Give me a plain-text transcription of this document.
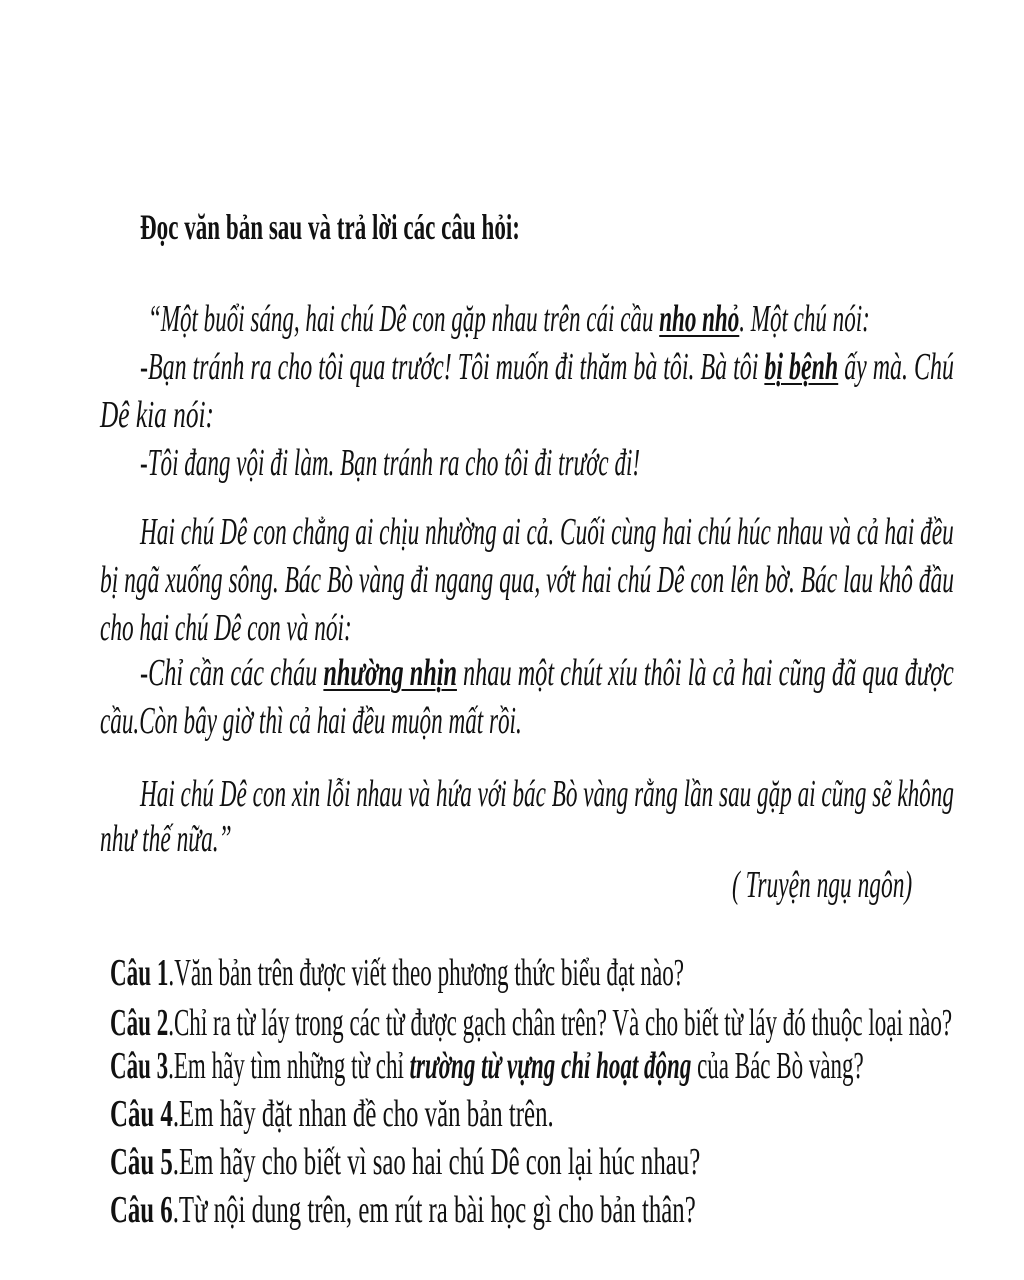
Đọc văn bản sau và trả lời các câu hỏi:
“Một buổi sáng, hai chú Dê con gặp nhau trên cái cầu nho nhỏ. Một chú nói:
-Bạn tránh ra cho tôi qua trước! Tôi muốn đi thăm bà tôi. Bà tôi bị bệnh ấy mà. Chú
Dê kia nói:
-Tôi đang vội đi làm. Bạn tránh ra cho tôi đi trước đi!
Hai chú Dê con chẳng ai chịu nhường ai cả. Cuối cùng hai chú húc nhau và cả hai đều
bị ngã xuống sông. Bác Bò vàng đi ngang qua, vớt hai chú Dê con lên bờ. Bác lau khô đầu
cho hai chú Dê con và nói:
-Chỉ cần các cháu nhường nhịn nhau một chút xíu thôi là cả hai cũng đã qua được
cầu.Còn bây giờ thì cả hai đều muộn mất rồi.
Hai chú Dê con xin lỗi nhau và hứa với bác Bò vàng rằng lần sau gặp ai cũng sẽ không
như thế nữa.”
( Truyện ngụ ngôn)
Câu 1.Văn bản trên được viết theo phương thức biểu đạt nào?
Câu 2.Chỉ ra từ láy trong các từ được gạch chân trên? Và cho biết từ láy đó thuộc loại nào?
Câu 3.Em hãy tìm những từ chỉ trường từ vựng chỉ hoạt động của Bác Bò vàng?
Câu 4.Em hãy đặt nhan đề cho văn bản trên.
Câu 5.Em hãy cho biết vì sao hai chú Dê con lại húc nhau?
Câu 6.Từ nội dung trên, em rút ra bài học gì cho bản thân?
